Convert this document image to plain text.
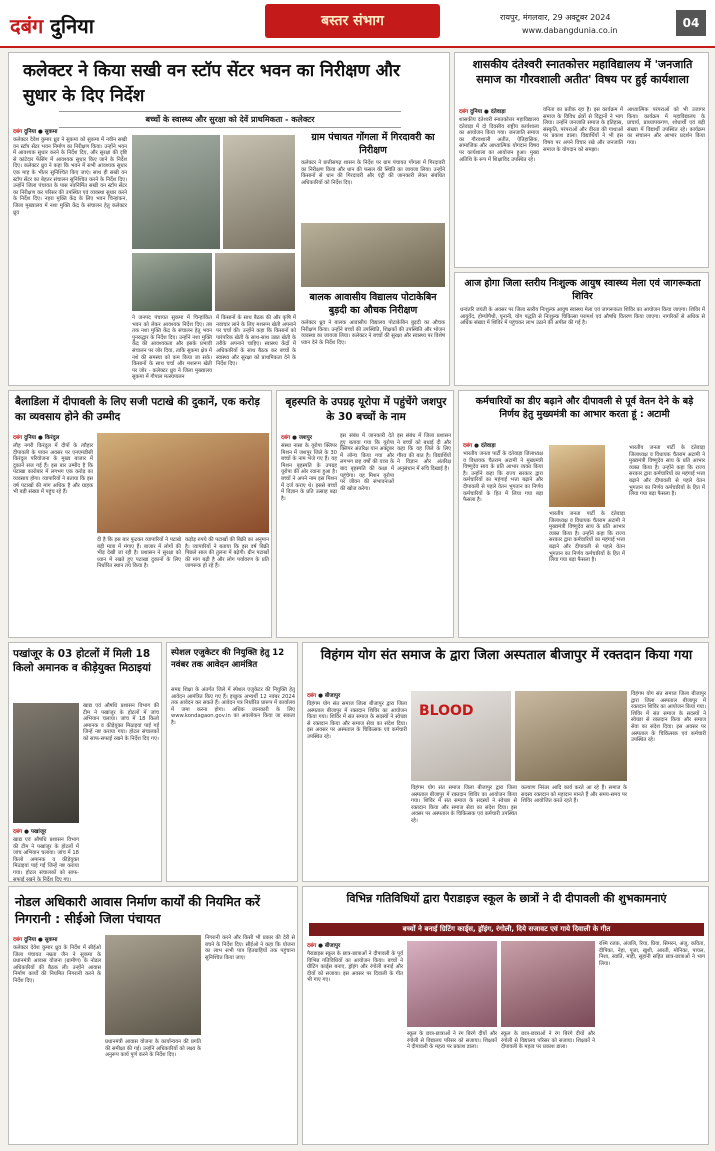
दबंग दुनिया	बस्तर संभाग	रायपुर, मंगलवार, 29 अक्टूबर 2024
www.dabangdunia.co.in
04
कलेक्टर ने किया सखी वन स्टॉप सेंटर भवन का निरीक्षण और सुधार के दिए निर्देश
बच्चों के स्वास्थ्य और सुरक्षा को देवें प्राथमिकता - कलेक्टर
दबंग दुनिया ● सुकमा
कलेक्टर देवेश कुमार ध्रुव ने सुकमा को सुकमा में नवीन सखी वन स्टॉप सेंटर भवन निर्माण का निरीक्षण किया। उन्होंने भवन में आवश्यक सुधार करने के निर्देश दिए, और सुरक्षा की दृष्टि से कांटेदार फेंसिंग में आवश्यक सुधार किए जाने के निर्देश दिए। कलेक्टर ध्रुव ने कहा कि भवन में सभी आवश्यक सुधार एक माह के भीतर सुनिश्चित किए जाएं। साथ ही सखी वन स्टॉप सेंटर का बेहतर संचालन सुनिश्चित करने के निर्देश दिए। उन्होंने जिला पंचायत के पास नवनिर्मित सखी वन स्टॉप सेंटर का निरीक्षण कर परिसर की उपस्थित एवं व्यवस्था सुधार करने के निर्देश दिए। नहरा मुक्ति केंद्र के लिए भवन चिन्हांकन, जिला मुख्यालय में नशा मुक्ति केंद्र के संचालन हेतु कलेक्टर ध्रुव
ने जनपद पंचायत सुकमा में चिन्हांकित भवन को लेकर आवश्यक निर्देश दिए। तब तक नशा मुक्ति केंद्र के संचालन हेतु भवन पुनरुद्धार के निर्देश दिए। उन्होंने नशा मुक्ति केंद्र की आवश्यकता और इसके प्रभावी संचालन पर जोर दिया, ताकि सुकमा क्षेत्र में नशे की समस्या को कम किया जा सके। किसानों के साथ चर्चा और मशरूम खेती पर जोर - कलेक्टर ध्रुव ने जिला मुख्यालय सुकमा में गौपाल मत्स्यपालन
में किसानों के साथ बैठक की और कृषि में नवाचार लाने के लिए मशरूम खेती अपनाने पर चर्चा की। उन्होंने कहा कि किसानों को पारंपरिक खेती के साथ-साथ उन्नत खेती के तरीके अपनाने चाहिए। स्वास्थ्य केंद्रों में अधिकारियों के साथ बैठक कर बच्चों के स्वास्थ्य और सुरक्षा को प्राथमिकता देने के निर्देश दिए।
ग्राम पंचायत गोंगला में गिरदावरी का निरीक्षण
कलेक्टर ने छत्तीसगढ़ शासन के निर्देश पर ग्राम पंचायत गोंगला में गिरदावरी का निरीक्षण किया और धान की फसल की स्थिति का जायजा लिया। उन्होंने किसानों से धान की गिरदावरी और एंट्री की जानकारी लेकर संबंधित अधिकारियों को निर्देश दिए।
बालक आवासीय विद्यालय पोटाकेबिन बुड़दी का औचक निरीक्षण
कलेक्टर ध्रुव ने बालक आवासीय विद्यालय पोटाकेबिन बुड़दी का औचक निरीक्षण किया। उन्होंने बच्चों की उपस्थिति, शिक्षकों की उपस्थिति और भोजन व्यवस्था का जायजा लिया। कलेक्टर ने बच्चों की सुरक्षा और स्वास्थ्य पर विशेष ध्यान देने के निर्देश दिए।
शासकीय दंतेश्वरी स्नातकोत्तर महाविद्यालय में 'जनजाति समाज का गौरवशाली अतीत' विषय पर हुई कार्यशाला
दबंग दुनिया ● दंतेवाड़ा
शासकीय दंतेश्वरी स्नातकोत्तर महाविद्यालय दंतेवाड़ा में दो दिवसीय राष्ट्रीय कार्यशाला का आयोजन किया गया। जनजाति समाज का गौरवशाली अतीत, ऐतिहासिक, सामाजिक और आध्यात्मिक योगदान विषय पर कार्यशाला का आयोजन हुआ। मुख्य अतिथि के रूप में शिक्षाविद उपस्थित रहे।
वनिता का प्रतीक रहा है। इस कार्यक्रम में समाज के विविध क्षेत्रों से विद्वानों ने भाग लिया। उन्होंने जनजाति समाज के इतिहास, संस्कृति, परंपराओं और वीरता की गाथाओं पर प्रकाश डाला। विद्यार्थियों ने भी इस विषय पर अपने विचार रखे और जनजाति समाज के योगदान को समझा।
आध्यात्मिक परंपराओं को भी उजागर किया। कार्यक्रम में महाविद्यालय के प्राचार्य, प्राध्यापकगण, शोधार्थी एवं बड़ी संख्या में विद्यार्थी उपस्थित रहे। कार्यक्रम का संचालन और आभार प्रदर्शन किया गया।
आज होगा जिला स्तरीय निःशुल्क आयुष स्वास्थ्य मेला एवं जागरूकता शिविर
धन्वंतरि जयंती के अवसर पर जिला स्तरीय निःशुल्क आयुष स्वास्थ्य मेला एवं जागरूकता शिविर का आयोजन किया जाएगा। शिविर में आयुर्वेद, होम्योपैथी, यूनानी, योग पद्धति से निःशुल्क चिकित्सा परामर्श एवं औषधि वितरण किया जाएगा। नागरिकों से अधिक से अधिक संख्या में शिविर में पहुंचकर लाभ उठाने की अपील की गई है।
बैलाडिला में दीपावली के लिए सजी पटाखे की दुकानें, एक करोड़ का व्यवसाय होने की उम्मीद
दबंग दुनिया ● किरंदुल
लौह नगरी किरंदुल में दीपों के त्यौहार दीपावली के पावन अवसर पर एनएमडीसी किरंदुल परियोजना के मुख्य बाजार में दुकानें सज गई हैं। इस बार उम्मीद है कि पटाखा कारोबार में लगभग एक करोड़ का व्यवसाय होगा। व्यापारियों ने बताया कि इस वर्ष पटाखों की मांग अधिक है और ग्राहक भी बड़ी संख्या में पहुंच रहे हैं।
दी है कि इस बार फुटकर व्यापारियों ने पटाखे बड़ी मात्रा में मंगाए हैं। बाजार में लोगों की भीड़ देखी जा रही है। प्रशासन ने सुरक्षा को ध्यान में रखते हुए पटाखा दुकानों के लिए निर्धारित स्थान तय किया है।
कड़ोड़ रुपये की पटाखों की बिक्री का अनुमान है। व्यापारियों ने बताया कि इस वर्ष बिक्री पिछले साल की तुलना में बढ़ेगी। ग्रीन पटाखों की मांग बढ़ी है और लोग पर्यावरण के प्रति जागरूक हो रहे हैं।
बृहस्पति के उपग्रह यूरोपा में पहुंचेंगे जशपुर के 30 बच्चों के नाम
दबंग ● जशपुर
संस्था नासा के यूरोपा क्लिपर मिशन में जशपुर जिले के 30 बच्चों के नाम भेजे गए हैं। यह मिशन बृहस्पति के उपग्रह यूरोपा की ओर रवाना हुआ है। बच्चों ने अपने नाम इस मिशन में दर्ज कराए थे। इससे बच्चों में विज्ञान के प्रति उत्साह बढ़ा है।
इस संबंध में जानकारी देते हुए बताया गया कि यूरोपा क्लिपर अंतरिक्ष यान अक्टूबर में लॉन्च किया गया और लगभग छह वर्षों की यात्रा के बाद बृहस्पति की कक्षा में पहुंचेगा। यह मिशन यूरोपा पर जीवन की संभावनाओं की खोज करेगा।
इस संबंध में जिला प्रशासन ने बच्चों को बधाई दी और कहा कि यह जिले के लिए गौरव की बात है। विद्यार्थियों ने विज्ञान और अंतरिक्ष अनुसंधान में रुचि दिखाई है।
कर्मचारियों का डीए बढ़ाने और दीपावली से पूर्व वेतन देने के बड़े निर्णय हेतु मुख्यमंत्री का आभार करता हूं : अटामी
दबंग ● दंतेवाड़ा
भारतीय जनता पार्टी के दंतेवाड़ा जिलाध्यक्ष व विधायक चैतराम अटामी ने मुख्यमंत्री विष्णुदेव साय के प्रति आभार व्यक्त किया है। उन्होंने कहा कि राज्य सरकार द्वारा कर्मचारियों का महंगाई भत्ता बढ़ाने और दीपावली से पहले वेतन भुगतान का निर्णय कर्मचारियों के हित में लिया गया बड़ा फैसला है।
भारतीय जनता पार्टी के दंतेवाड़ा जिलाध्यक्ष व विधायक चैतराम अटामी ने मुख्यमंत्री विष्णुदेव साय के प्रति आभार व्यक्त किया है। उन्होंने कहा कि राज्य सरकार द्वारा कर्मचारियों का महंगाई भत्ता बढ़ाने और दीपावली से पहले वेतन भुगतान का निर्णय कर्मचारियों के हित में लिया गया बड़ा फैसला है।
भारतीय जनता पार्टी के दंतेवाड़ा जिलाध्यक्ष व विधायक चैतराम अटामी ने मुख्यमंत्री विष्णुदेव साय के प्रति आभार व्यक्त किया है। उन्होंने कहा कि राज्य सरकार द्वारा कर्मचारियों का महंगाई भत्ता बढ़ाने और दीपावली से पहले वेतन भुगतान का निर्णय कर्मचारियों के हित में लिया गया बड़ा फैसला है।
पखांजूर के 03 होटलों में मिली 18 किलो अमानक व कीड़ेयुक्त मिठाइयां
खाद्य एवं औषधि प्रशासन विभाग की टीम ने पखांजूर के होटलों में जांच अभियान चलाया। जांच में 18 किलो अमानक व कीड़ेयुक्त मिठाइयां पाई गईं जिन्हें नष्ट कराया गया। होटल संचालकों को साफ-सफाई रखने के निर्देश दिए गए।
दबंग ● पखांजूर
खाद्य एवं औषधि प्रशासन विभाग की टीम ने पखांजूर के होटलों में जांच अभियान चलाया। जांच में 18 किलो अमानक व कीड़ेयुक्त मिठाइयां पाई गईं जिन्हें नष्ट कराया गया। होटल संचालकों को साफ-सफाई रखने के निर्देश दिए गए।
स्पेशल एजुकेटर की नियुक्ति हेतु 12 नवंबर तक आवेदन आमंत्रित
समग्र शिक्षा के अंतर्गत जिले में स्पेशल एजुकेटर की नियुक्ति हेतु आवेदन आमंत्रित किए गए हैं। इच्छुक अभ्यर्थी 12 नवंबर 2024 तक आवेदन कर सकते हैं। आवेदन पत्र निर्धारित प्रारूप में कार्यालय में जमा करना होगा। अधिक जानकारी के लिए www.kondagaon.gov.in का अवलोकन किया जा सकता है।
विहंगम योग संत समाज के द्वारा जिला अस्पताल बीजापुर में रक्तदान किया गया
दबंग ● बीजापुर
विहंगम योग संत समाज जिला बीजापुर द्वारा जिला अस्पताल बीजापुर में रक्तदान शिविर का आयोजन किया गया। शिविर में संत समाज के सदस्यों ने स्वेच्छा से रक्तदान किया और समाज सेवा का संदेश दिया। इस अवसर पर अस्पताल के चिकित्सक एवं कर्मचारी उपस्थित रहे।
BLOOD
विहंगम योग संत समाज जिला बीजापुर द्वारा जिला अस्पताल बीजापुर में रक्तदान शिविर का आयोजन किया गया। शिविर में संत समाज के सदस्यों ने स्वेच्छा से रक्तदान किया और समाज सेवा का संदेश दिया। इस अवसर पर अस्पताल के चिकित्सक एवं कर्मचारी उपस्थित रहे।
कल्याण निरंतर आदि कार्य करते आ रहे हैं। समाज के सदस्य रक्तदान को महादान मानते हैं और समय-समय पर शिविर आयोजित करते रहते हैं।
विहंगम योग संत समाज जिला बीजापुर द्वारा जिला अस्पताल बीजापुर में रक्तदान शिविर का आयोजन किया गया। शिविर में संत समाज के सदस्यों ने स्वेच्छा से रक्तदान किया और समाज सेवा का संदेश दिया। इस अवसर पर अस्पताल के चिकित्सक एवं कर्मचारी उपस्थित रहे।
विभिन्न गतिविधियों द्वारा पैराडाइज स्कूल के छात्रों ने दी दीपावली की शुभकामनाएं
बच्चों ने बनाई ग्रिटिंग कार्ड्स, ड्रॉइंग, रंगोली, दिये सजावट एवं गाये दिवाली के गीत
दबंग ● बीजापुर
पैराडाइस स्कूल के छात्र-छात्राओं ने दीपावली के पूर्व विभिन्न गतिविधियों का आयोजन किया। बच्चों ने ग्रीटिंग कार्ड्स बनाए, ड्रॉइंग और रंगोली बनाई और दीयों को सजाया। इस अवसर पर दिवाली के गीत भी गाए गए।
स्कूल के छात्र-छात्राओं ने रंग बिरंगे दीयों और रंगोली से विद्यालय परिसर को सजाया। शिक्षकों ने दीपावली के महत्व पर प्रकाश डाला।
स्कूल के छात्र-छात्राओं ने रंग बिरंगे दीयों और रंगोली से विद्यालय परिसर को सजाया। शिक्षकों ने दीपावली के महत्व पर प्रकाश डाला।
रश्मि रजक, अंजलि, रिया, प्रिया, सिमरन, अंजू, कविता, दीपिका, नेहा, पूजा, खुशी, आरती, मोनिका, पायल, निशा, स्वाति, माही, सुहानी सहित छात्र-छात्राओं ने भाग लिया।
नोडल अधिकारी आवास निर्माण कार्यों की नियमित करें निगरानी : सीईओ जिला पंचायत
दबंग दुनिया ● सुकमा
कलेक्टर देवेश कुमार ध्रुव के निर्देश में सीईओ जिला पंचायत नम्रता जैन ने सुकमा के प्रधानमंत्री आवास योजना (ग्रामीण) के नोडल अधिकारियों की बैठक ली। उन्होंने आवास निर्माण कार्यों की नियमित निगरानी करने के निर्देश दिए।
प्रधानमंत्री आवास योजना के कार्यान्वयन की प्रगति की समीक्षा की गई। उन्होंने अधिकारियों को लक्ष्य के अनुरूप कार्य पूर्ण करने के निर्देश दिए।
निगरानी करने और किसी भी प्रकार की देरी से बचने के निर्देश दिए। सीईओ ने कहा कि योजना का लाभ सभी पात्र हितग्राहियों तक पहुंचाना सुनिश्चित किया जाए।
